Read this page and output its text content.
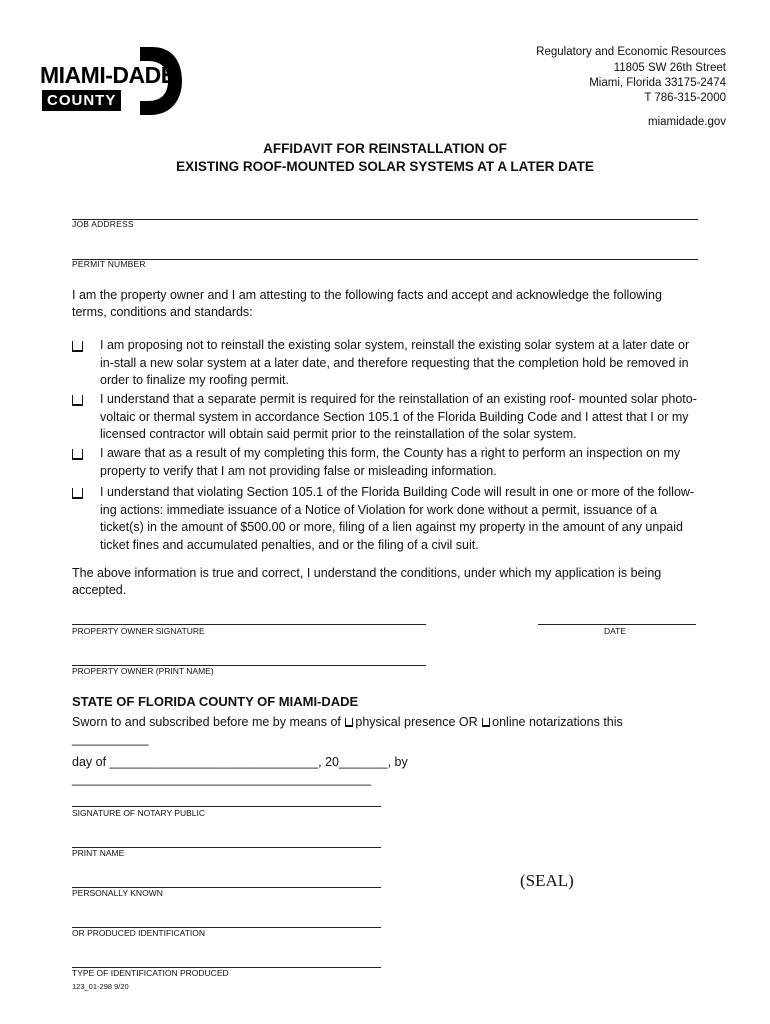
MIAMI-DADE
COUNTY
Regulatory and Economic Resources
11805 SW 26th Street
Miami, Florida 33175-2474
T 786-315-2000
miamidade.gov
AFFIDAVIT FOR REINSTALLATION OF
EXISTING ROOF-MOUNTED SOLAR SYSTEMS AT A LATER DATE
JOB ADDRESS
PERMIT NUMBER
I am the property owner and I am attesting to the following facts and accept and acknowledge the following terms, conditions and standards:
I am proposing not to reinstall the existing solar system, reinstall the existing solar system at a later date or in-stall a new solar system at a later date, and therefore requesting that the completion hold be removed in order to finalize my roofing permit.
I understand that a separate permit is required for the reinstallation of an existing roof- mounted solar photo-voltaic or thermal system in accordance Section 105.1 of the Florida Building Code and I attest that I or my licensed contractor will obtain said permit prior to the reinstallation of the solar system.
I aware that as a result of my completing this form, the County has a right to perform an inspection on my property to verify that I am not providing false or misleading information.
I understand that violating Section 105.1 of the Florida Building Code will result in one or more of the follow-ing actions: immediate issuance of a Notice of Violation for work done without a permit, issuance of a ticket(s) in the amount of $500.00 or more, filing of a lien against my property in the amount of any unpaid ticket fines and accumulated penalties, and or the filing of a civil suit.
The above information is true and correct, I understand the conditions, under which my application is being accepted.
PROPERTY OWNER SIGNATURE	DATE
PROPERTY OWNER (PRINT NAME)
STATE OF FLORIDA COUNTY OF MIAMI-DADE
Sworn to and subscribed before me by means of physical presence OR online notarizations this ___________
day of ______________________________, 20_______, by ___________________________________________
SIGNATURE OF NOTARY PUBLIC
PRINT NAME
PERSONALLY KNOWN
(SEAL)
OR PRODUCED IDENTIFICATION
TYPE OF IDENTIFICATION PRODUCED
123_01-298 9/20
